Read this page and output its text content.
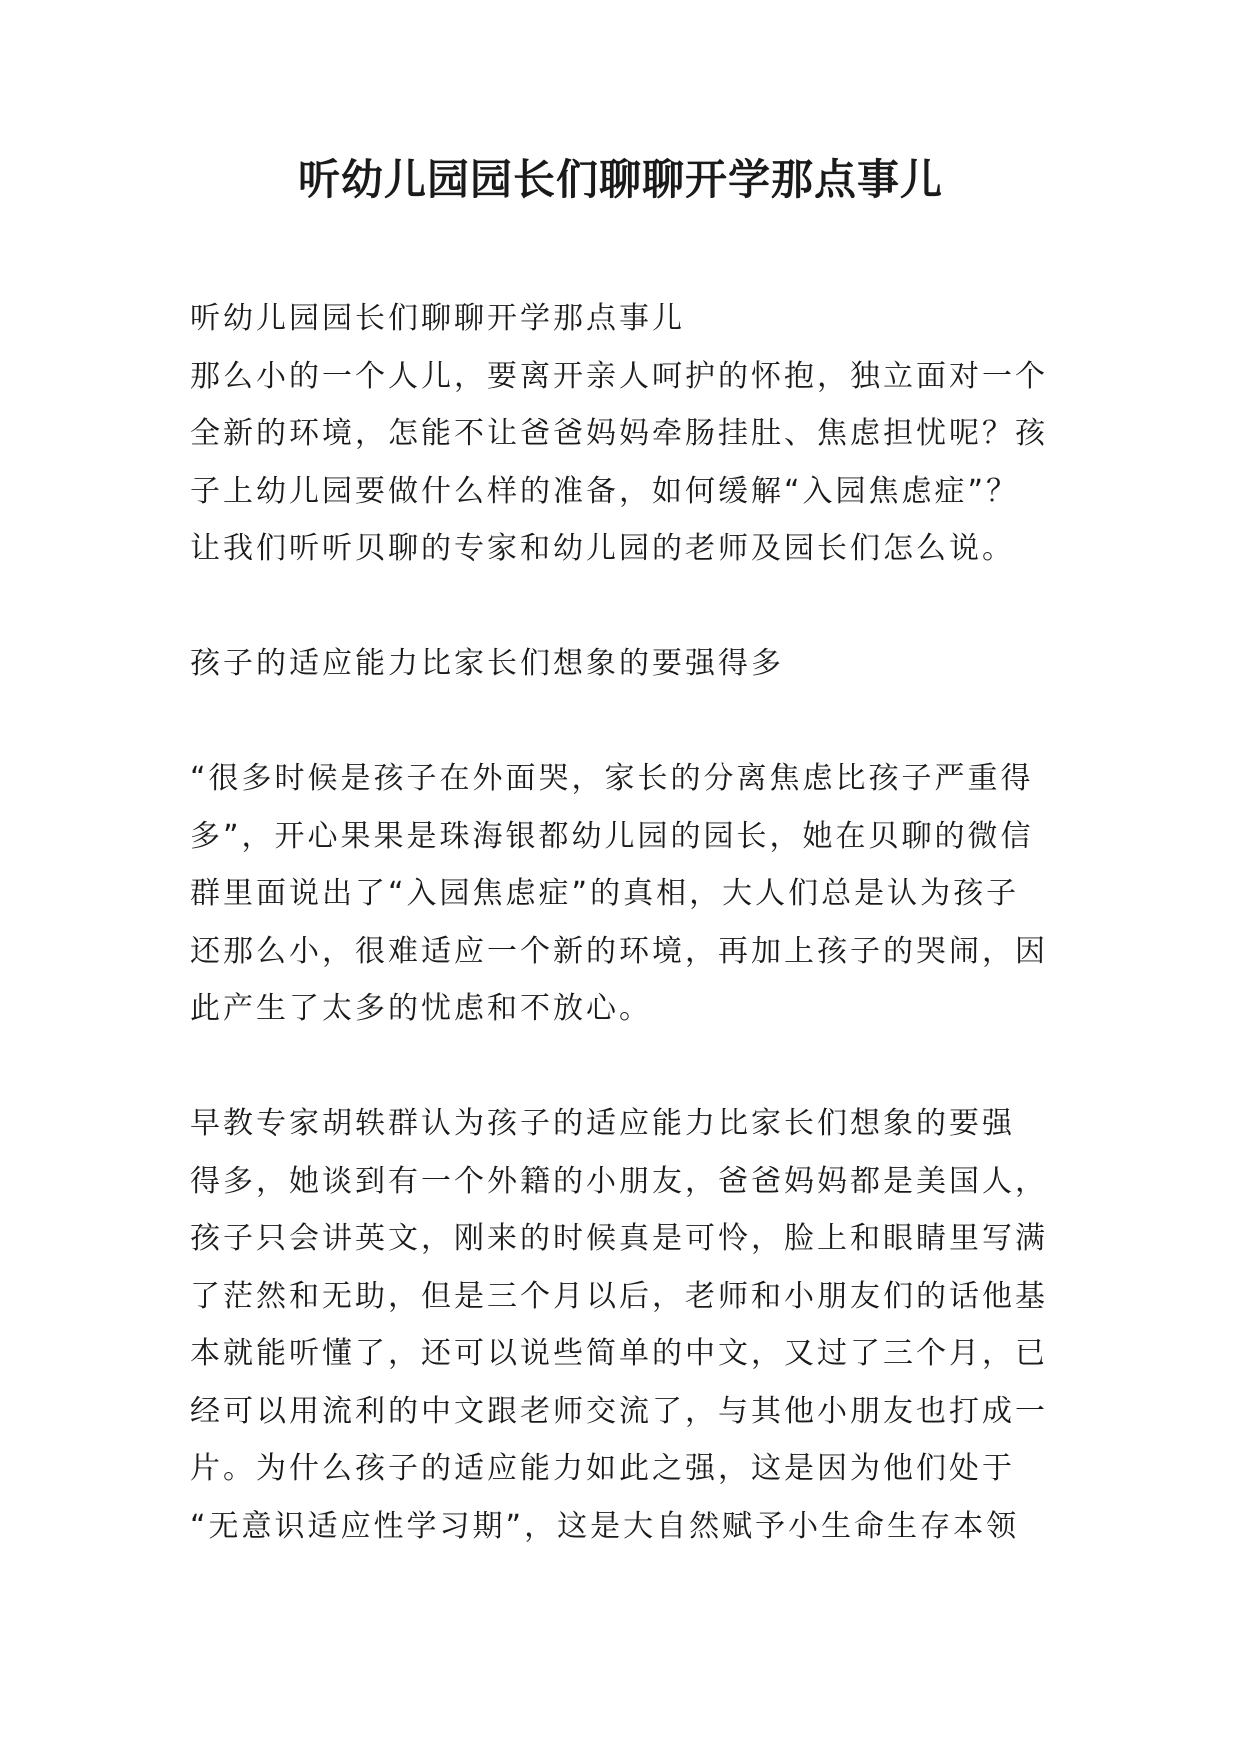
听幼儿园园长们聊聊开学那点事儿
听幼儿园园长们聊聊开学那点事儿
那么小的一个人儿，要离开亲人呵护的怀抱，独立面对一个
全新的环境，怎能不让爸爸妈妈牵肠挂肚、焦虑担忧呢？孩
子上幼儿园要做什么样的准备，如何缓解“入园焦虑症”？
让我们听听贝聊的专家和幼儿园的老师及园长们怎么说。
孩子的适应能力比家长们想象的要强得多
“很多时候是孩子在外面哭，家长的分离焦虑比孩子严重得
多”，开心果果是珠海银都幼儿园的园长，她在贝聊的微信
群里面说出了“入园焦虑症”的真相，大人们总是认为孩子
还那么小，很难适应一个新的环境，再加上孩子的哭闹，因
此产生了太多的忧虑和不放心。
早教专家胡轶群认为孩子的适应能力比家长们想象的要强
得多，她谈到有一个外籍的小朋友，爸爸妈妈都是美国人，
孩子只会讲英文，刚来的时候真是可怜，脸上和眼睛里写满
了茫然和无助，但是三个月以后，老师和小朋友们的话他基
本就能听懂了，还可以说些简单的中文，又过了三个月，已
经可以用流利的中文跟老师交流了，与其他小朋友也打成一
片。为什么孩子的适应能力如此之强，这是因为他们处于
“无意识适应性学习期”，这是大自然赋予小生命生存本领
